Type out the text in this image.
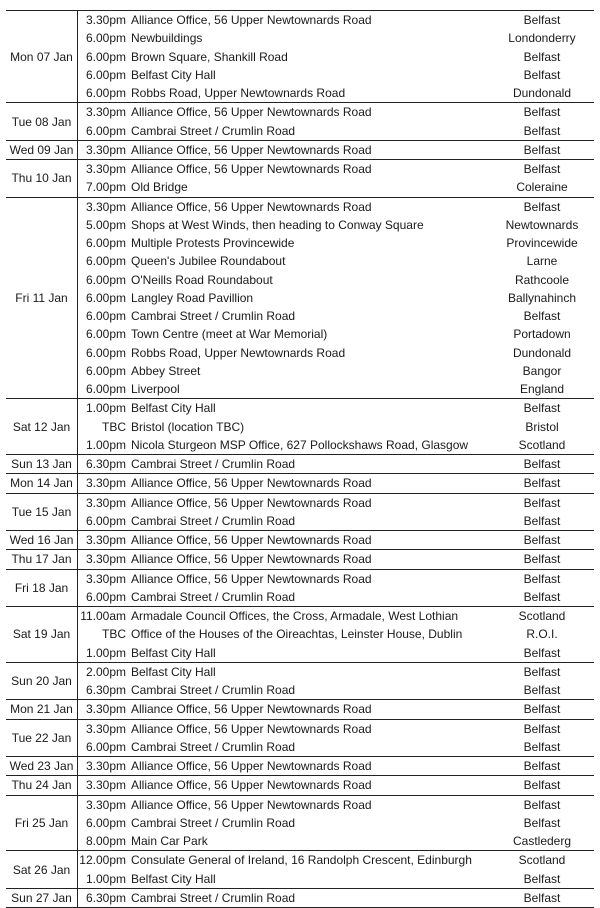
Mon 07 Jan
3.30pm Alliance Office, 56 Upper Newtownards Road	Belfast
6.00pm Newbuildings	Londonderry
6.00pm Brown Square, Shankill Road	Belfast
6.00pm Belfast City Hall	Belfast
6.00pm Robbs Road, Upper Newtownards Road	Dundonald
Tue 08 Jan
3.30pm Alliance Office, 56 Upper Newtownards Road	Belfast
6.00pm Cambrai Street / Crumlin Road	Belfast
Wed 09 Jan	3.30pm Alliance Office, 56 Upper Newtownards Road	Belfast
Thu 10 Jan
3.30pm Alliance Office, 56 Upper Newtownards Road	Belfast
7.00pm Old Bridge	Coleraine
Fri 11 Jan
3.30pm Alliance Office, 56 Upper Newtownards Road	Belfast
5.00pm Shops at West Winds, then heading to Conway Square	Newtownards
6.00pm Multiple Protests Provincewide	Provincewide
6.00pm Queen's Jubilee Roundabout	Larne
6.00pm O'Neills Road Roundabout	Rathcoole
6.00pm Langley Road Pavillion	Ballynahinch
6.00pm Cambrai Street / Crumlin Road	Belfast
6.00pm Town Centre (meet at War Memorial)	Portadown
6.00pm Robbs Road, Upper Newtownards Road	Dundonald
6.00pm Abbey Street	Bangor
6.00pm Liverpool	England
Sat 12 Jan
1.00pm Belfast City Hall	Belfast
TBC Bristol (location TBC)	Bristol
1.00pm Nicola Sturgeon MSP Office, 627 Pollockshaws Road, Glasgow	Scotland
Sun 13 Jan	6.30pm Cambrai Street / Crumlin Road	Belfast
Mon 14 Jan	3.30pm Alliance Office, 56 Upper Newtownards Road	Belfast
Tue 15 Jan
3.30pm Alliance Office, 56 Upper Newtownards Road	Belfast
6.00pm Cambrai Street / Crumlin Road	Belfast
Wed 16 Jan	3.30pm Alliance Office, 56 Upper Newtownards Road	Belfast
Thu 17 Jan	3.30pm Alliance Office, 56 Upper Newtownards Road	Belfast
Fri 18 Jan
3.30pm Alliance Office, 56 Upper Newtownards Road	Belfast
6.00pm Cambrai Street / Crumlin Road	Belfast
Sat 19 Jan
11.00am Armadale Council Offices, the Cross, Armadale, West Lothian	Scotland
TBC Office of the Houses of the Oireachtas, Leinster House, Dublin	R.O.I.
1.00pm Belfast City Hall	Belfast
Sun 20 Jan
2.00pm Belfast City Hall	Belfast
6.30pm Cambrai Street / Crumlin Road	Belfast
Mon 21 Jan	3.30pm Alliance Office, 56 Upper Newtownards Road	Belfast
Tue 22 Jan
3.30pm Alliance Office, 56 Upper Newtownards Road	Belfast
6.00pm Cambrai Street / Crumlin Road	Belfast
Wed 23 Jan	3.30pm Alliance Office, 56 Upper Newtownards Road	Belfast
Thu 24 Jan	3.30pm Alliance Office, 56 Upper Newtownards Road	Belfast
Fri 25 Jan
3.30pm Alliance Office, 56 Upper Newtownards Road	Belfast
6.00pm Cambrai Street / Crumlin Road	Belfast
8.00pm Main Car Park	Castlederg
Sat 26 Jan
12.00pm Consulate General of Ireland, 16 Randolph Crescent, Edinburgh	Scotland
1.00pm Belfast City Hall	Belfast
Sun 27 Jan	6.30pm Cambrai Street / Crumlin Road	Belfast
